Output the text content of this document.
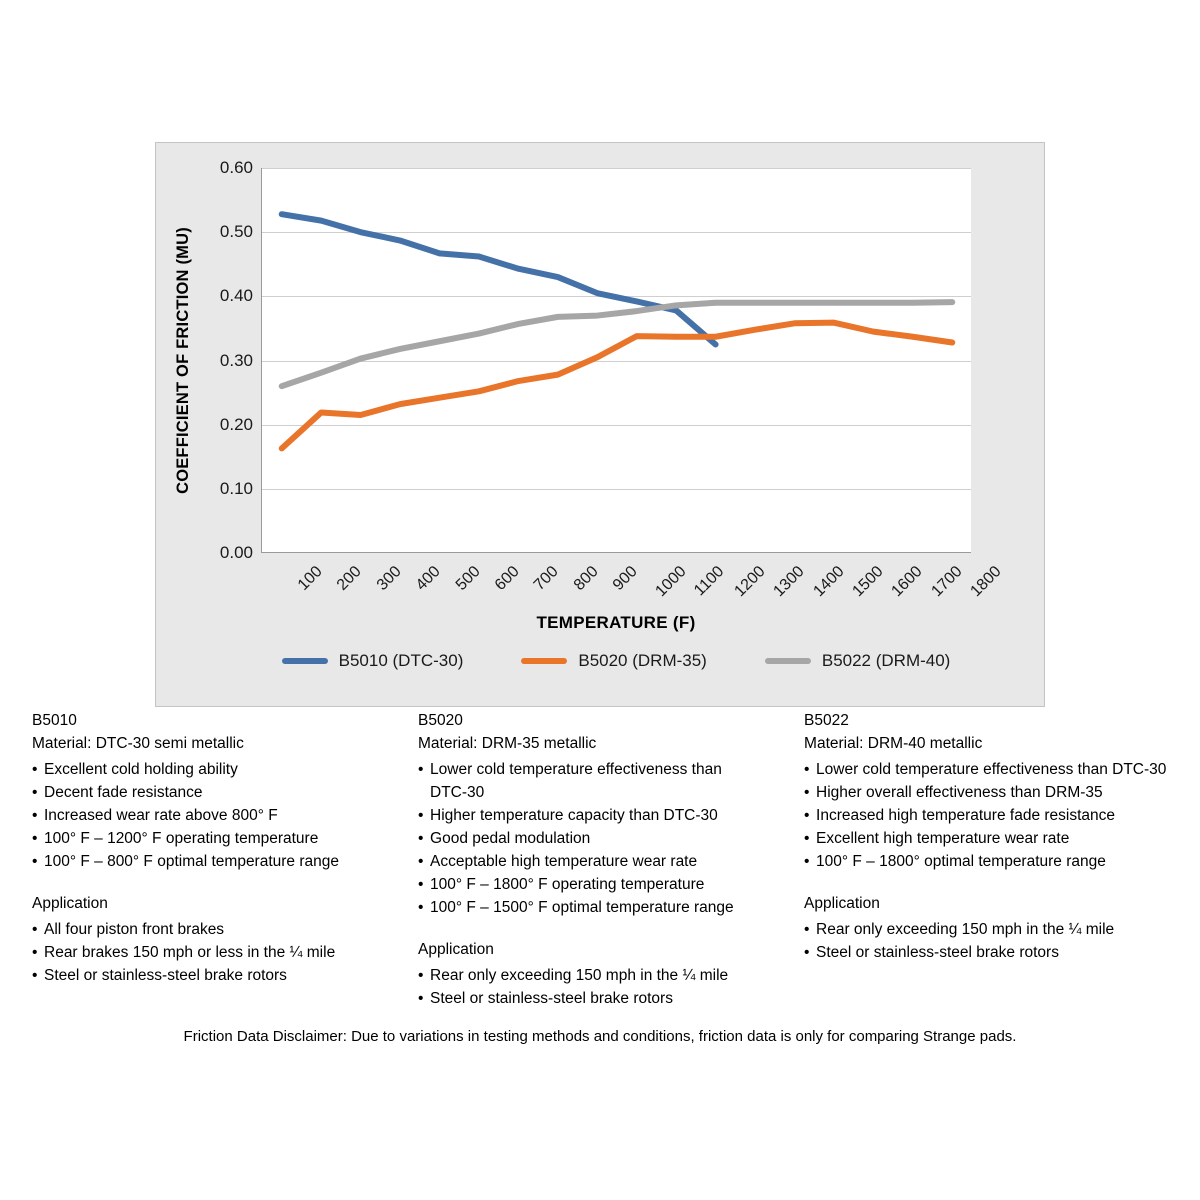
COEFFICIENT OF FRICTION (MU)
0.00
0.10
0.20
0.30
0.40
0.50
0.60
100 200 300 400 500 600 700 800 900 1000 1100 1200 1300 1400 1500 1600 1700 1800
TEMPERATURE (F)
B5010 (DTC-30)	B5020 (DRM-35)	B5022 (DRM-40)
B5010
Material: DTC-30 semi metallic
• Excellent cold holding ability
• Decent fade resistance
• Increased wear rate above 800° F
• 100° F – 1200° F operating temperature
• 100° F – 800° F optimal temperature range
Application
• All four piston front brakes
• Rear brakes 150 mph or less in the ¼ mile
• Steel or stainless-steel brake rotors
B5020
Material: DRM-35 metallic
• Lower cold temperature effectiveness than DTC-30
• Higher temperature capacity than DTC-30
• Good pedal modulation
• Acceptable high temperature wear rate
• 100° F – 1800° F operating temperature
• 100° F – 1500° F optimal temperature range
Application
• Rear only exceeding 150 mph in the ¼ mile
• Steel or stainless-steel brake rotors
B5022
Material: DRM-40 metallic
• Lower cold temperature effectiveness than DTC-30
• Higher overall effectiveness than DRM-35
• Increased high temperature fade resistance
• Excellent high temperature wear rate
• 100° F – 1800° optimal temperature range
Application
• Rear only exceeding 150 mph in the ¼ mile
• Steel or stainless-steel brake rotors
Friction Data Disclaimer: Due to variations in testing methods and conditions, friction data is only for comparing Strange pads.
